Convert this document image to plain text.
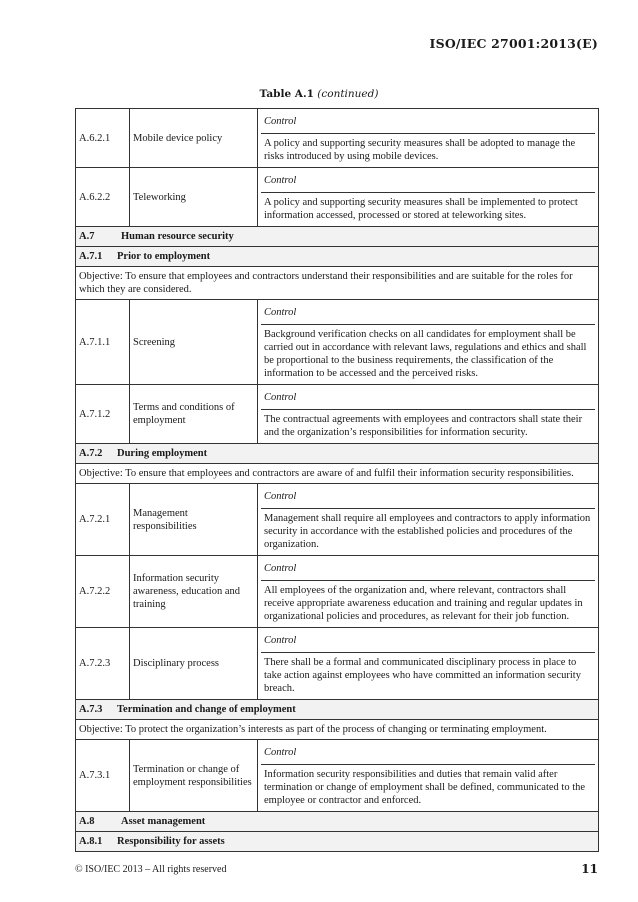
ISO/IEC 27001:2013(E)
Table A.1 (continued)
A.6.2.1	Mobile device policy	Control
A policy and supporting security measures shall be adopted to manage the risks introduced by using mobile devices.

A.6.2.2	Teleworking	Control
A policy and supporting security measures shall be implemented to protect information accessed, processed or stored at teleworking sites.

A.7 Human resource security		
A.7.1 Prior to employment		
Objective: To ensure that employees and contractors understand their responsibilities and are suitable for the roles for which they are considered.		
A.7.1.1	Screening	Control
Background verification checks on all candidates for employment shall be carried out in accordance with relevant laws, regulations and ethics and shall be proportional to the business requirements, the classification of the information to be accessed and the perceived risks.

A.7.1.2	Terms and conditions of employment	Control
The contractual agreements with employees and contractors shall state their and the organization’s responsibilities for information security.

A.7.2 During employment		
Objective: To ensure that employees and contractors are aware of and fulfil their information security responsibilities.		
A.7.2.1	Management responsibilities	Control
Management shall require all employees and contractors to apply information security in accordance with the established policies and procedures of the organization.

A.7.2.2	Information security awareness, education and training	Control
All employees of the organization and, where relevant, contractors shall receive appropriate awareness education and training and regular updates in organizational policies and procedures, as relevant for their job function.

A.7.2.3	Disciplinary process	Control
There shall be a formal and communicated disciplinary process in place to take action against employees who have committed an information security breach.

A.7.3 Termination and change of employment		
Objective: To protect the organization’s interests as part of the process of changing or terminating employment.		
A.7.3.1	Termination or change of employment responsibilities	Control
Information security responsibilities and duties that remain valid after termination or change of employment shall be defined, communicated to the employee or contractor and enforced.

A.8 Asset management		
A.8.1 Responsibility for assets		
© ISO/IEC 2013 – All rights reserved	11
